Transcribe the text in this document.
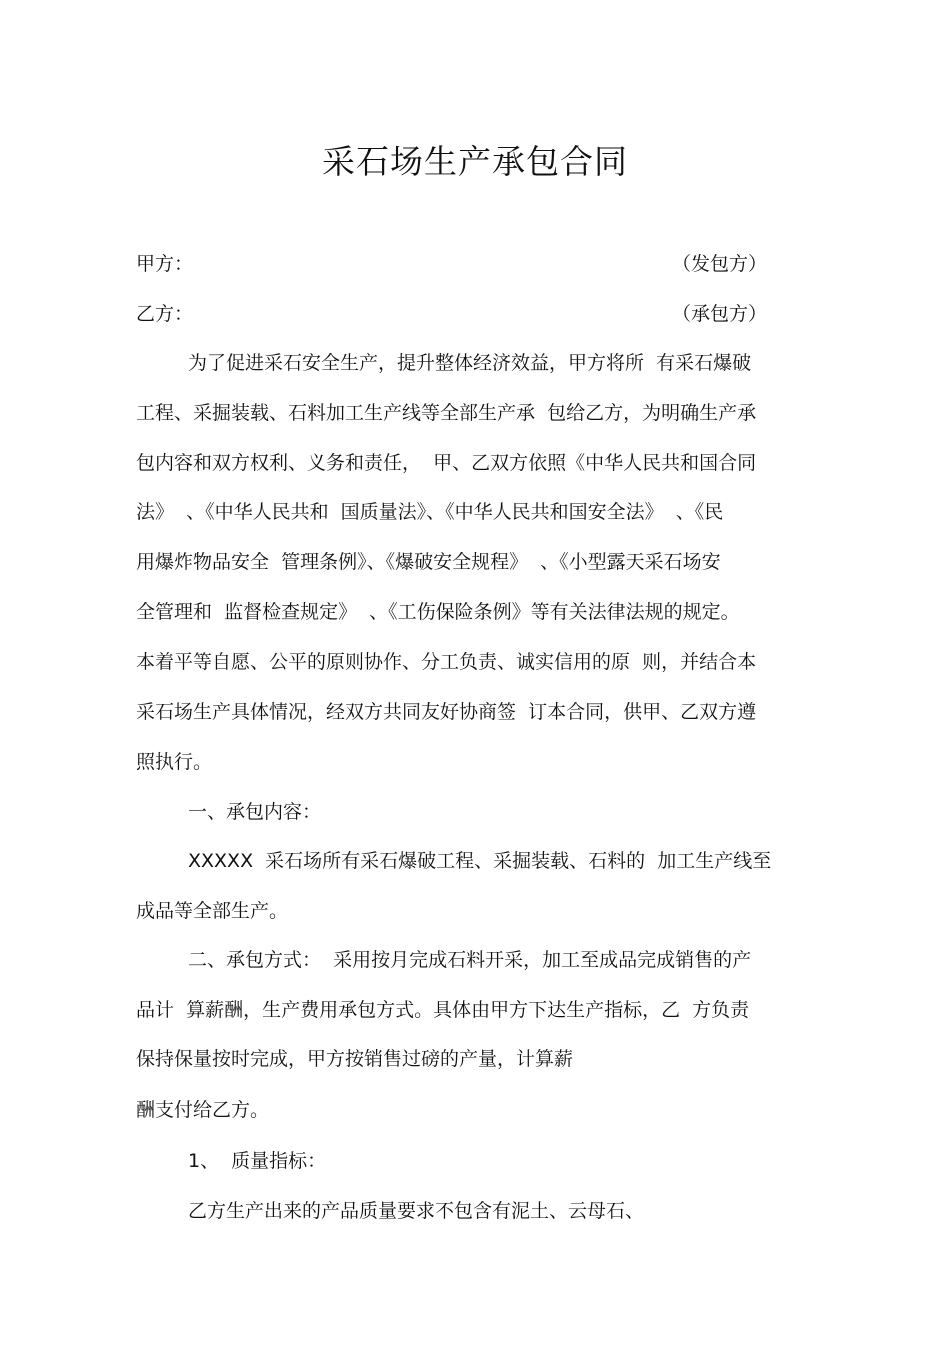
采石场生产承包合同
甲方：	（发包方）
乙方：	（承包方）
为了促进采石安全生产，提升整体经济效益，甲方将所  有采石爆破
工程、采掘装载、石料加工生产线等全部生产承  包给乙方，为明确生产承
包内容和双方权利、义务和责任，  甲、乙双方依照《中华人民共和国合同
法》  、《中华人民共和  国质量法》、《中华人民共和国安全法》  、《民
用爆炸物品安全  管理条例》、《爆破安全规程》  、《小型露天采石场安
全管理和  监督检查规定》  、《工伤保险条例》等有关法律法规的规定。
本着平等自愿、公平的原则协作、分工负责、诚实信用的原  则，并结合本
采石场生产具体情况，经双方共同友好协商签  订本合同，供甲、乙双方遵
照执行。
一、承包内容：
XXXXX  采石场所有采石爆破工程、采掘装载、石料的  加工生产线至
成品等全部生产。
二、承包方式：  采用按月完成石料开采，加工至成品完成销售的产
品计  算薪酬，生产费用承包方式。具体由甲方下达生产指标，乙  方负责
保持保量按时完成，甲方按销售过磅的产量，计算薪
酬支付给乙方。
1、  质量指标：
乙方生产出来的产品质量要求不包含有泥土、云母石、
